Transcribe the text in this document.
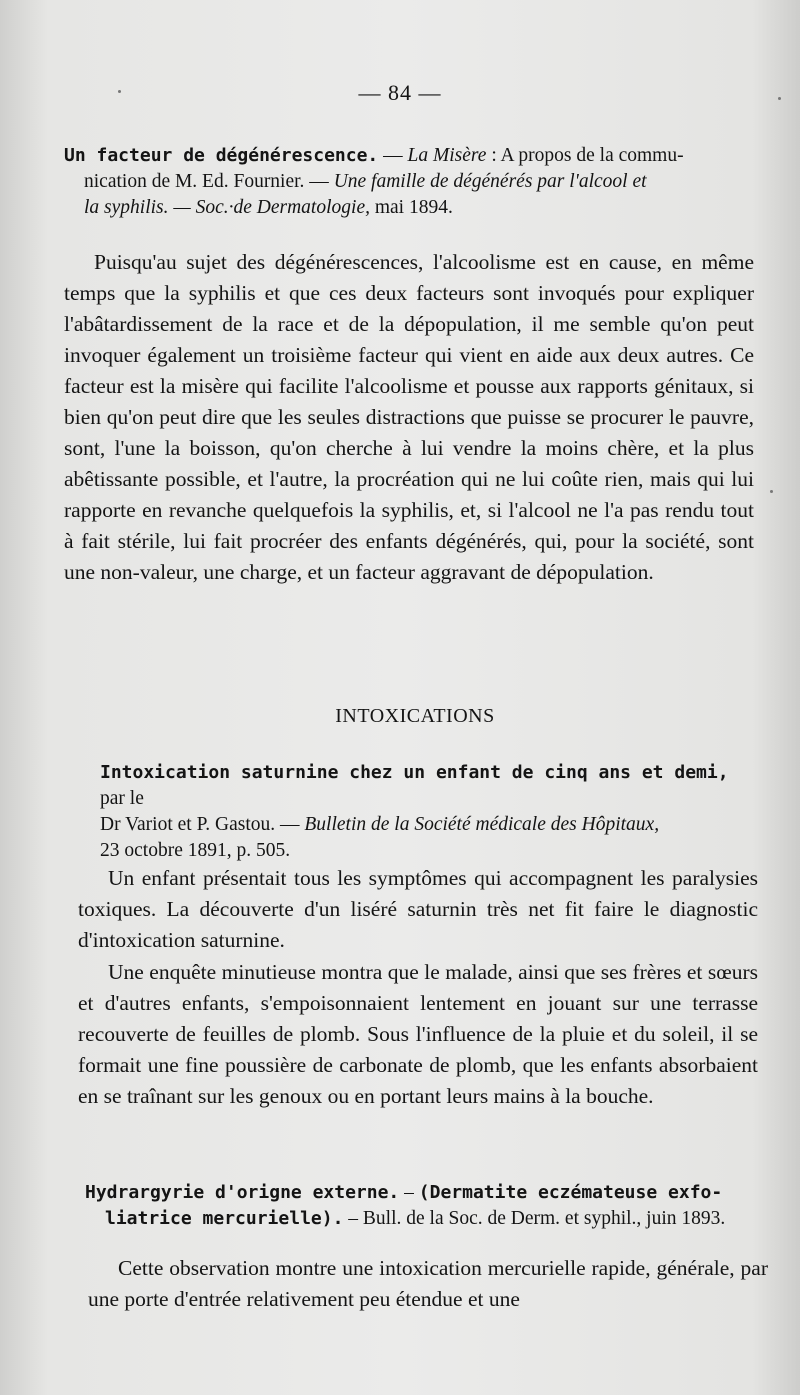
— 84 —
Un facteur de dégénérescence. — La Misère : A propos de la commu-
nication de M. Ed. Fournier. — Une famille de dégénérés par l'alcool et
la syphilis. — Soc.·de Dermatologie, mai 1894.
Puisqu'au sujet des dégénérescences, l'alcoolisme est en cause, en même temps que la syphilis et que ces deux facteurs sont invoqués pour expliquer l'abâtardissement de la race et de la dépopulation, il me semble qu'on peut invoquer également un troisième facteur qui vient en aide aux deux autres. Ce facteur est la misère qui facilite l'alcoolisme et pousse aux rapports génitaux, si bien qu'on peut dire que les seules distractions que puisse se procurer le pauvre, sont, l'une la boisson, qu'on cherche à lui vendre la moins chère, et la plus abêtissante possible, et l'autre, la procréation qui ne lui coûte rien, mais qui lui rapporte en revanche quelquefois la syphilis, et, si l'alcool ne l'a pas rendu tout à fait stérile, lui fait procréer des enfants dégénérés, qui, pour la société, sont une non-valeur, une charge, et un facteur aggravant de dépopulation.
INTOXICATIONS
Intoxication saturnine chez un enfant de cinq ans et demi, par le
Dr Variot et P. Gastou. — Bulletin de la Société médicale des Hôpitaux,
23 octobre 1891, p. 505.
Un enfant présentait tous les symptômes qui accompagnent les paralysies toxiques. La découverte d'un liséré saturnin très net fit faire le diagnostic d'intoxication saturnine.
Une enquête minutieuse montra que le malade, ainsi que ses frères et sœurs et d'autres enfants, s'empoisonnaient lentement en jouant sur une terrasse recouverte de feuilles de plomb. Sous l'influence de la pluie et du soleil, il se formait une fine poussière de carbonate de plomb, que les enfants absorbaient en se traînant sur les genoux ou en portant leurs mains à la bouche.
Hydrargyrie d'origne externe. – (Dermatite eczémateuse exfo-
liatrice mercurielle). – Bull. de la Soc. de Derm. et syphil., juin 1893.
Cette observation montre une intoxication mercurielle rapide, générale, par une porte d'entrée relativement peu étendue et une
